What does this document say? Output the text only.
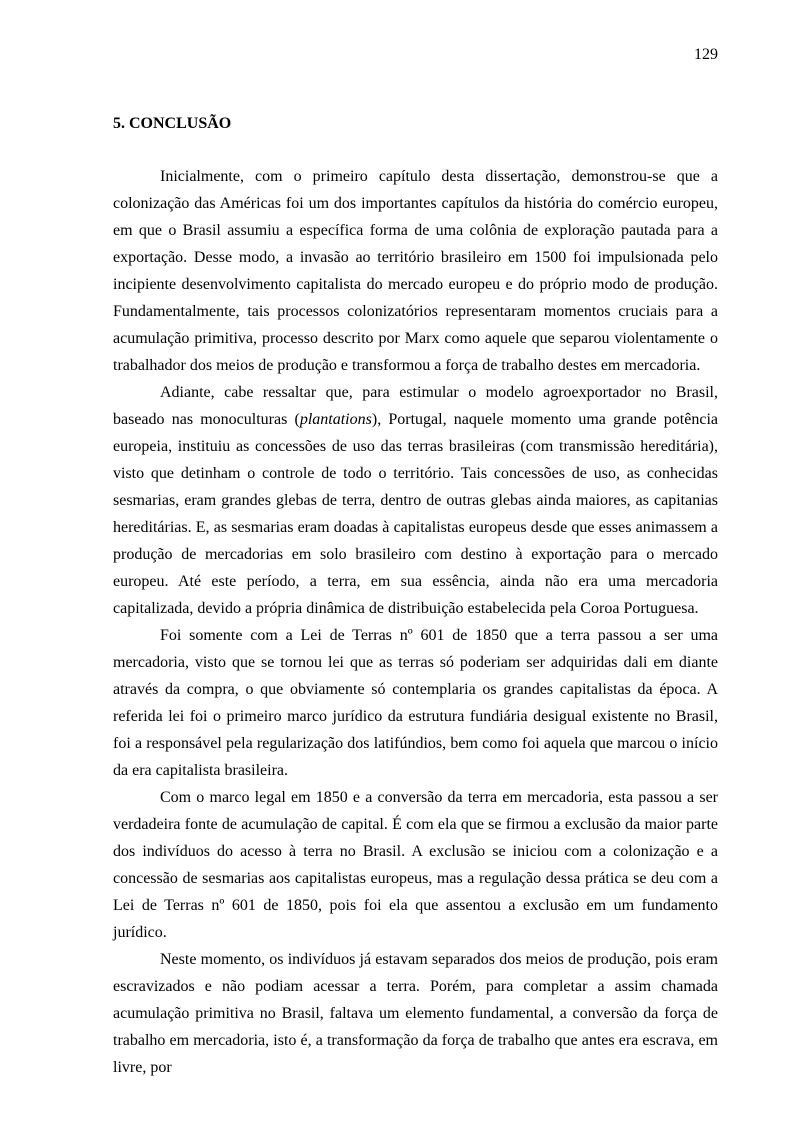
129
5. CONCLUSÃO

Inicialmente, com o primeiro capítulo desta dissertação, demonstrou-se que a colonização das Américas foi um dos importantes capítulos da história do comércio europeu, em que o Brasil assumiu a específica forma de uma colônia de exploração pautada para a exportação. Desse modo, a invasão ao território brasileiro em 1500 foi impulsionada pelo incipiente desenvolvimento capitalista do mercado europeu e do próprio modo de produção. Fundamentalmente, tais processos colonizatórios representaram momentos cruciais para a acumulação primitiva, processo descrito por Marx como aquele que separou violentamente o trabalhador dos meios de produção e transformou a força de trabalho destes em mercadoria.

Adiante, cabe ressaltar que, para estimular o modelo agroexportador no Brasil, baseado nas monoculturas (plantations), Portugal, naquele momento uma grande potência europeia, instituiu as concessões de uso das terras brasileiras (com transmissão hereditária), visto que detinham o controle de todo o território. Tais concessões de uso, as conhecidas sesmarias, eram grandes glebas de terra, dentro de outras glebas ainda maiores, as capitanias hereditárias. E, as sesmarias eram doadas à capitalistas europeus desde que esses animassem a produção de mercadorias em solo brasileiro com destino à exportação para o mercado europeu. Até este período, a terra, em sua essência, ainda não era uma mercadoria capitalizada, devido a própria dinâmica de distribuição estabelecida pela Coroa Portuguesa.

Foi somente com a Lei de Terras nº 601 de 1850 que a terra passou a ser uma mercadoria, visto que se tornou lei que as terras só poderiam ser adquiridas dali em diante através da compra, o que obviamente só contemplaria os grandes capitalistas da época. A referida lei foi o primeiro marco jurídico da estrutura fundiária desigual existente no Brasil, foi a responsável pela regularização dos latifúndios, bem como foi aquela que marcou o início da era capitalista brasileira.

Com o marco legal em 1850 e a conversão da terra em mercadoria, esta passou a ser verdadeira fonte de acumulação de capital. É com ela que se firmou a exclusão da maior parte dos indivíduos do acesso à terra no Brasil. A exclusão se iniciou com a colonização e a concessão de sesmarias aos capitalistas europeus, mas a regulação dessa prática se deu com a Lei de Terras nº 601 de 1850, pois foi ela que assentou a exclusão em um fundamento jurídico.

Neste momento, os indivíduos já estavam separados dos meios de produção, pois eram escravizados e não podiam acessar a terra. Porém, para completar a assim chamada acumulação primitiva no Brasil, faltava um elemento fundamental, a conversão da força de trabalho em mercadoria, isto é, a transformação da força de trabalho que antes era escrava, em livre, por
